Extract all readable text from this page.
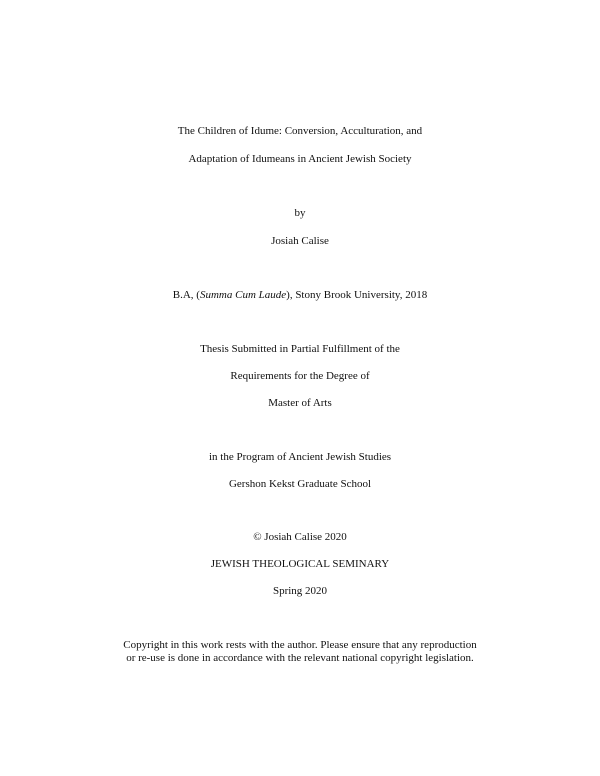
The Children of Idume: Conversion, Acculturation, and
Adaptation of Idumeans in Ancient Jewish Society
by
Josiah Calise
B.A, (Summa Cum Laude), Stony Brook University, 2018
Thesis Submitted in Partial Fulfillment of the
Requirements for the Degree of
Master of Arts
in the Program of Ancient Jewish Studies
Gershon Kekst Graduate School
© Josiah Calise 2020
JEWISH THEOLOGICAL SEMINARY
Spring 2020
Copyright in this work rests with the author. Please ensure that any reproduction
or re-use is done in accordance with the relevant national copyright legislation.
